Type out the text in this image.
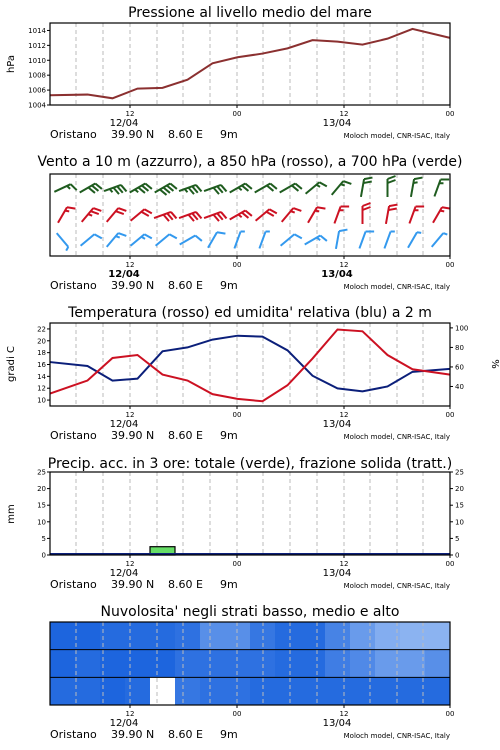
Pressione al livello medio del mare
Vento a 10 m (azzurro), a 850 hPa (rosso), a 700 hPa (verde)
Temperatura (rosso) ed umidita' relativa (blu) a 2 m
Precip. acc. in 3 ore: totale (verde), frazione solida (tratt.)
Nuvolosita' negli strati basso, medio e alto
1004
1006
1008
1010
1012
1014
hPa
12	00	12	00
12/04	13/04
Oristano 39.90 N 8.60 E 9m	Moloch model, CNR-ISAC, Italy
12	00	12	00
12/04	13/04
Oristano 39.90 N 8.60 E 9m	Moloch model, CNR-ISAC, Italy
10
12
14
16
18
20
22
40
60
80
100
gradi C	%
12	00	12	00
12/04	13/04
Oristano 39.90 N 8.60 E 9m	Moloch model, CNR-ISAC, Italy
0	0
5	5
10	10
15	15
20	20
25	25
mm
12	00	12	00
12/04	13/04
Oristano 39.90 N 8.60 E 9m	Moloch model, CNR-ISAC, Italy
12	00	12	00
12/04	13/04
Oristano 39.90 N 8.60 E 9m	Moloch model, CNR-ISAC, Italy
